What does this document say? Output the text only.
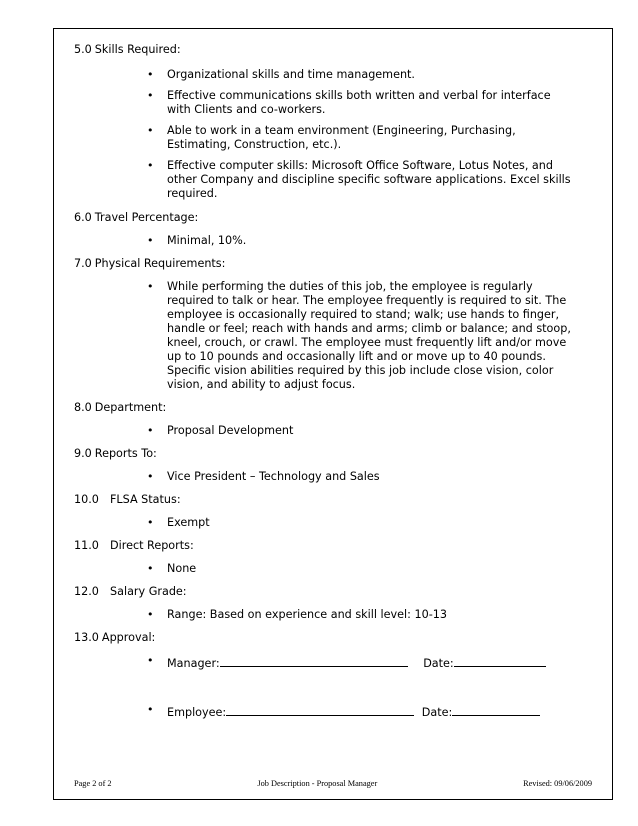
5.0 Skills Required:

• Organizational skills and time management.
• Effective communications skills both written and verbal for interface with Clients and co-workers.
• Able to work in a team environment (Engineering, Purchasing, Estimating, Construction, etc.).
• Effective computer skills: Microsoft Office Software, Lotus Notes, and other Company and discipline specific software applications. Excel skills required.

6.0 Travel Percentage:

• Minimal, 10%.

7.0 Physical Requirements:

• While performing the duties of this job, the employee is regularly required to talk or hear. The employee frequently is required to sit. The employee is occasionally required to stand; walk; use hands to finger, handle or feel; reach with hands and arms; climb or balance; and stoop, kneel, crouch, or crawl. The employee must frequently lift and/or move up to 10 pounds and occasionally lift and or move up to 40 pounds. Specific vision abilities required by this job include close vision, color vision, and ability to adjust focus.

8.0 Department:

• Proposal Development

9.0 Reports To:

• Vice President – Technology and Sales

10.0 FLSA Status:

• Exempt

11.0 Direct Reports:

• None

12.0 Salary Grade:

• Range: Based on experience and skill level: 10-13

13.0 Approval:

• Manager:	Date:
• Employee:	Date:
Page 2 of 2	Job Description - Proposal Manager	Revised: 09/06/2009
